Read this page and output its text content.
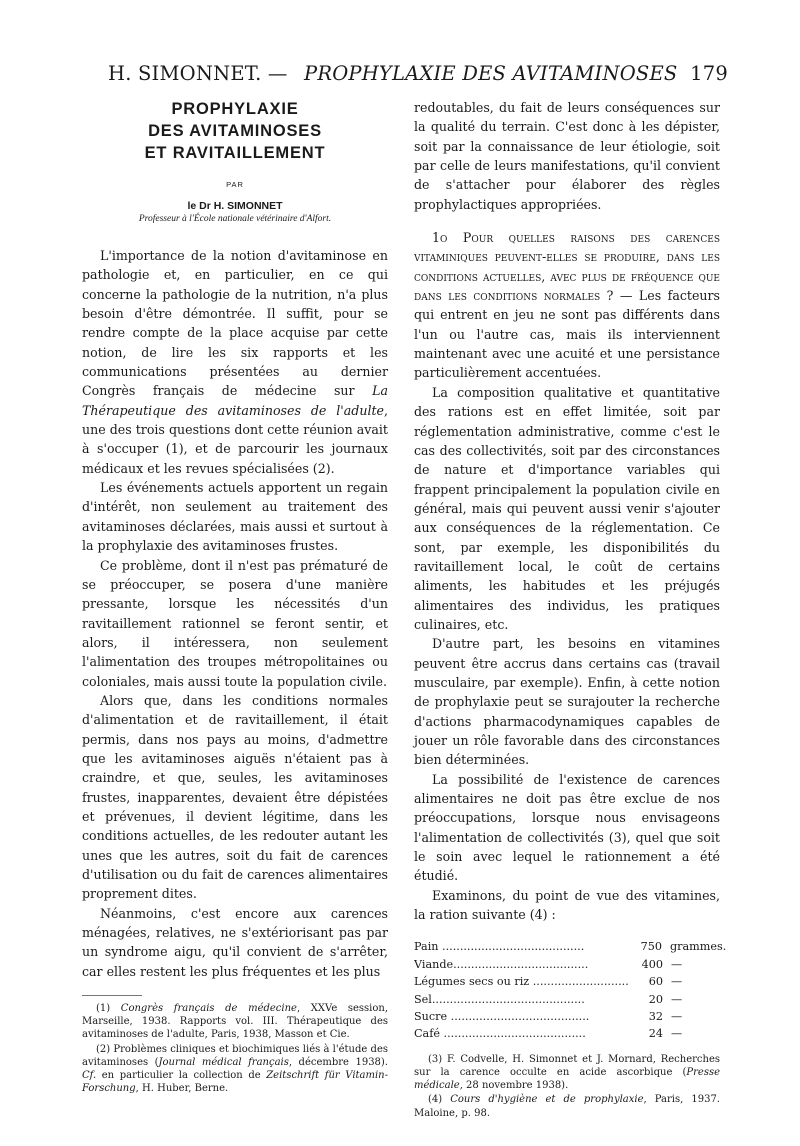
H. SIMONNET. — PROPHYLAXIE DES AVITAMINOSES 179
PROPHYLAXIE
DES AVITAMINOSES
ET RAVITAILLEMENT
PAR
le Dr H. SIMONNET
Professeur à l'École nationale vétérinaire d'Alfort.

L'importance de la notion d'avitaminose en pathologie et, en particulier, en ce qui concerne la pathologie de la nutrition, n'a plus besoin d'être démontrée. Il suffit, pour se rendre compte de la place acquise par cette notion, de lire les six rapports et les communications présentées au dernier Congrès français de médecine sur La Thérapeutique des avitaminoses de l'adulte, une des trois questions dont cette réunion avait à s'occuper (1), et de parcourir les journaux médicaux et les revues spécialisées (2).

Les événements actuels apportent un regain d'intérêt, non seulement au traitement des avitaminoses déclarées, mais aussi et surtout à la prophylaxie des avitaminoses frustes.

Ce problème, dont il n'est pas prématuré de se préoccuper, se posera d'une manière pressante, lorsque les nécessités d'un ravitaillement rationnel se feront sentir, et alors, il intéressera, non seulement l'alimentation des troupes métropolitaines ou coloniales, mais aussi toute la population civile.

Alors que, dans les conditions normales d'alimentation et de ravitaillement, il était permis, dans nos pays au moins, d'admettre que les avitaminoses aiguës n'étaient pas à craindre, et que, seules, les avitaminoses frustes, inapparentes, devaient être dépistées et prévenues, il devient légitime, dans les conditions actuelles, de les redouter autant les unes que les autres, soit du fait de carences d'utilisation ou du fait de carences alimentaires proprement dites.

Néanmoins, c'est encore aux carences ménagées, relatives, ne s'extériorisant pas par un syndrome aigu, qu'il convient de s'arrêter, car elles restent les plus fréquentes et les plus

(1) Congrès français de médecine, XXVe session, Marseille, 1938. Rapports vol. III. Thérapeutique des avitaminoses de l'adulte, Paris, 1938, Masson et Cie.

(2) Problèmes cliniques et biochimiques liés à l'étude des avitaminoses (Journal médical français, décembre 1938). Cf. en particulier la collection de Zeitschrift für Vitamin-Forschung, H. Huber, Berne.

redoutables, du fait de leurs conséquences sur la qualité du terrain. C'est donc à les dépister, soit par la connaissance de leur étiologie, soit par celle de leurs manifestations, qu'il convient de s'attacher pour élaborer des règles prophylactiques appropriées.

1o Pour quelles raisons des carences vitaminiques peuvent-elles se produire, dans les conditions actuelles, avec plus de fréquence que dans les conditions normales ? — Les facteurs qui entrent en jeu ne sont pas différents dans l'un ou l'autre cas, mais ils interviennent maintenant avec une acuité et une persistance particulièrement accentuées.

La composition qualitative et quantitative des rations est en effet limitée, soit par réglementation administrative, comme c'est le cas des collectivités, soit par des circonstances de nature et d'importance variables qui frappent principalement la population civile en général, mais qui peuvent aussi venir s'ajouter aux conséquences de la réglementation. Ce sont, par exemple, les disponibilités du ravitaillement local, le coût de certains aliments, les habitudes et les préjugés alimentaires des individus, les pratiques culinaires, etc.

D'autre part, les besoins en vitamines peuvent être accrus dans certains cas (travail musculaire, par exemple). Enfin, à cette notion de prophylaxie peut se surajouter la recherche d'actions pharmacodynamiques capables de jouer un rôle favorable dans des circonstances bien déterminées.

La possibilité de l'existence de carences alimentaires ne doit pas être exclue de nos préoccupations, lorsque nous envisageons l'alimentation de collectivités (3), quel que soit le soin avec lequel le rationnement a été étudié.

Examinons, du point de vue des vitamines, la ration suivante (4) :

Pain ........................................	750 grammes.
Viande......................................	400 —
Légumes secs ou riz ...........................	60 —
Sel...........................................	20 —
Sucre .......................................	32 —
Café ........................................	24 —

(3) F. Codvelle, H. Simonnet et J. Mornard, Recherches sur la carence occulte en acide ascorbique (Presse médicale, 28 novembre 1938).

(4) Cours d'hygiène et de prophylaxie, Paris, 1937. Maloine, p. 98.
